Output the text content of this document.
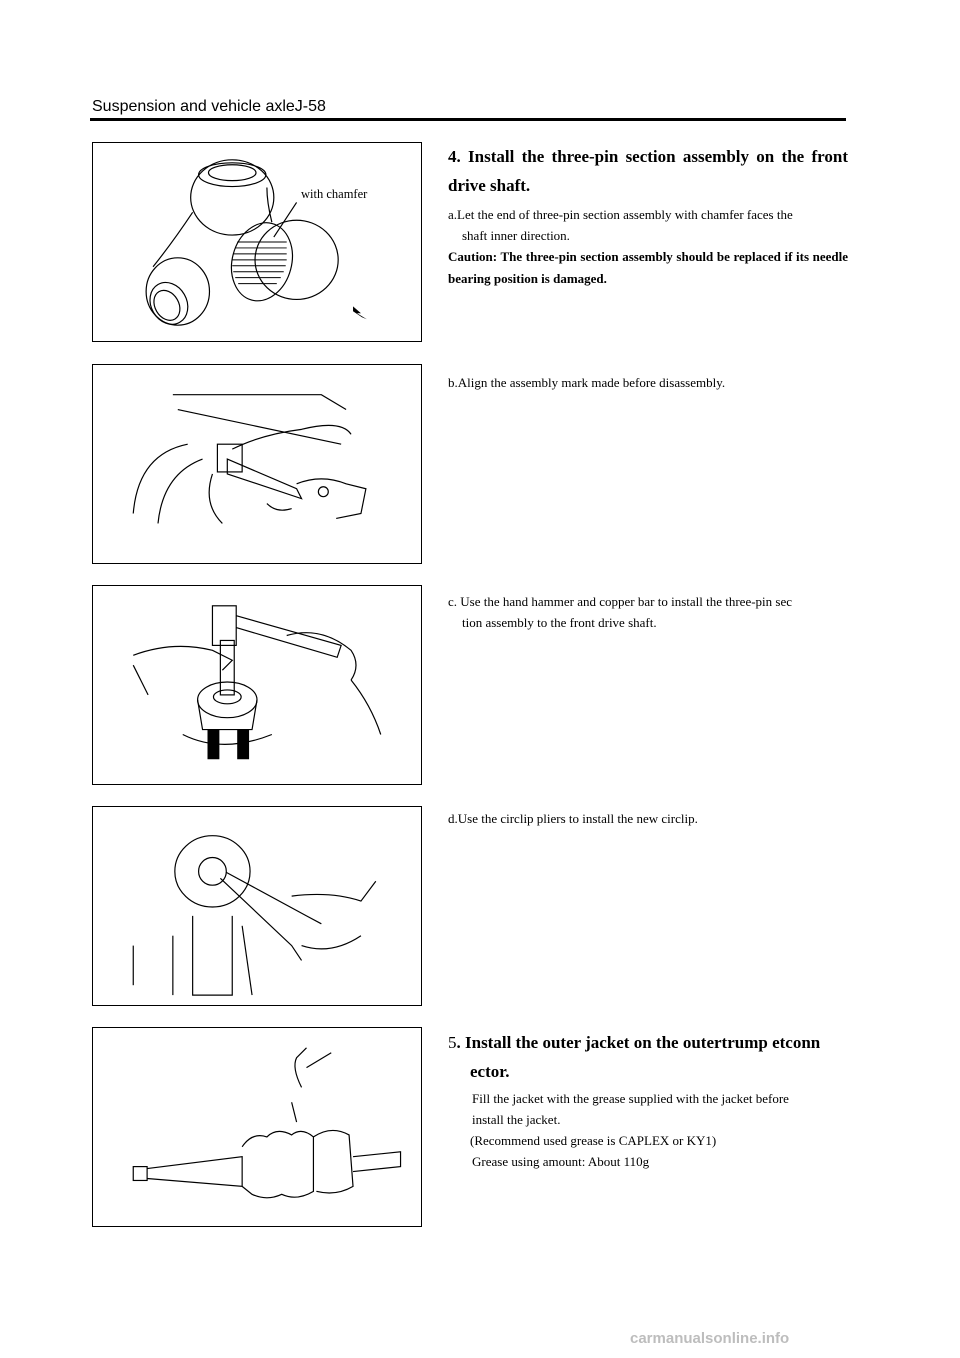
Suspension and vehicle axleJ-58
with chamfer
4. Install the three-pin section assembly on the front drive shaft.
a.Let the end of three-pin section assembly with chamfer faces the
shaft inner direction.
Caution: The three-pin section assembly should be replaced if its needle bearing position is damaged.
b.Align the assembly mark made before disassembly.
c. Use the hand hammer and copper bar to install the three-pin sec
tion assembly to the front drive shaft.
d.Use the circlip pliers to install the new circlip.
5. Install the outer jacket on the outertrump etconn
ector.
Fill the jacket with the grease supplied with the jacket before
install the jacket.
(Recommend used grease is CAPLEX or KY1)
Grease using amount: About 110g
carmanualsonline.info
